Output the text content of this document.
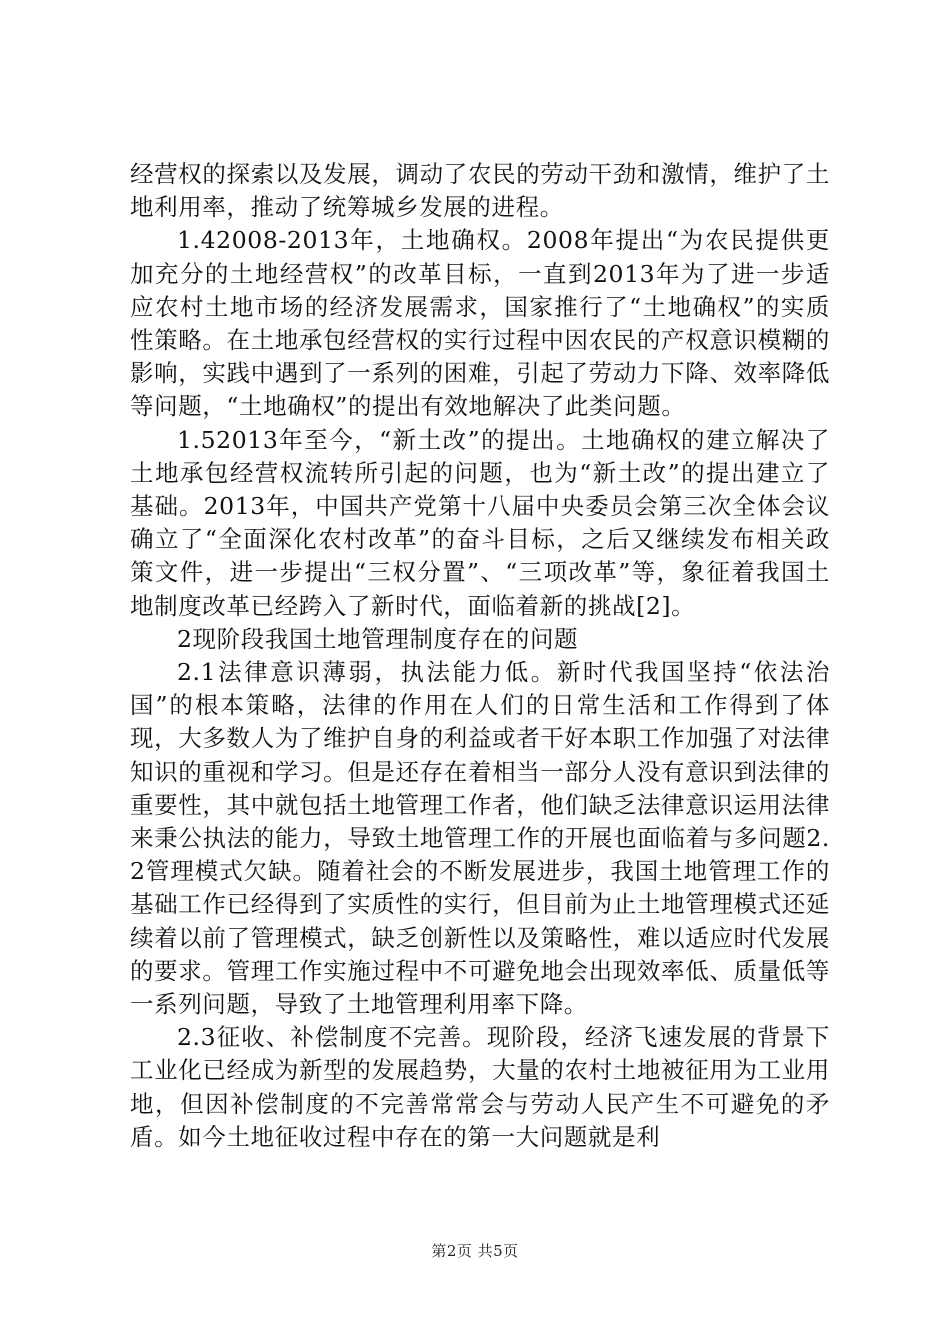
经营权的探索以及发展，调动了农民的劳动干劲和激情，维护了土地利用率，推动了统筹城乡发展的进程。

1.42008-2013年，土地确权。2008年提出“为农民提供更加充分的土地经营权”的改革目标，一直到2013年为了进一步适应农村土地市场的经济发展需求，国家推行了“土地确权”的实质性策略。在土地承包经营权的实行过程中因农民的产权意识模糊的影响，实践中遇到了一系列的困难，引起了劳动力下降、效率降低等问题，“土地确权”的提出有效地解决了此类问题。

1.52013年至今，“新土改”的提出。土地确权的建立解决了土地承包经营权流转所引起的问题，也为“新土改”的提出建立了基础。2013年，中国共产党第十八届中央委员会第三次全体会议确立了“全面深化农村改革”的奋斗目标，之后又继续发布相关政策文件，进一步提出“三权分置”、“三项改革”等，象征着我国土地制度改革已经跨入了新时代，面临着新的挑战[2]。

2现阶段我国土地管理制度存在的问题

2.1法律意识薄弱，执法能力低。新时代我国坚持“依法治国”的根本策略，法律的作用在人们的日常生活和工作得到了体现，大多数人为了维护自身的利益或者干好本职工作加强了对法律知识的重视和学习。但是还存在着相当一部分人没有意识到法律的重要性，其中就包括土地管理工作者，他们缺乏法律意识运用法律来秉公执法的能力，导致土地管理工作的开展也面临着与多问题2.2管理模式欠缺。随着社会的不断发展进步，我国土地管理工作的基础工作已经得到了实质性的实行，但目前为止土地管理模式还延续着以前了管理模式，缺乏创新性以及策略性，难以适应时代发展的要求。管理工作实施过程中不可避免地会出现效率低、质量低等一系列问题，导致了土地管理利用率下降。

2.3征收、补偿制度不完善。现阶段，经济飞速发展的背景下工业化已经成为新型的发展趋势，大量的农村土地被征用为工业用地，但因补偿制度的不完善常常会与劳动人民产生不可避免的矛盾。如今土地征收过程中存在的第一大问题就是利

第2页 共5页
